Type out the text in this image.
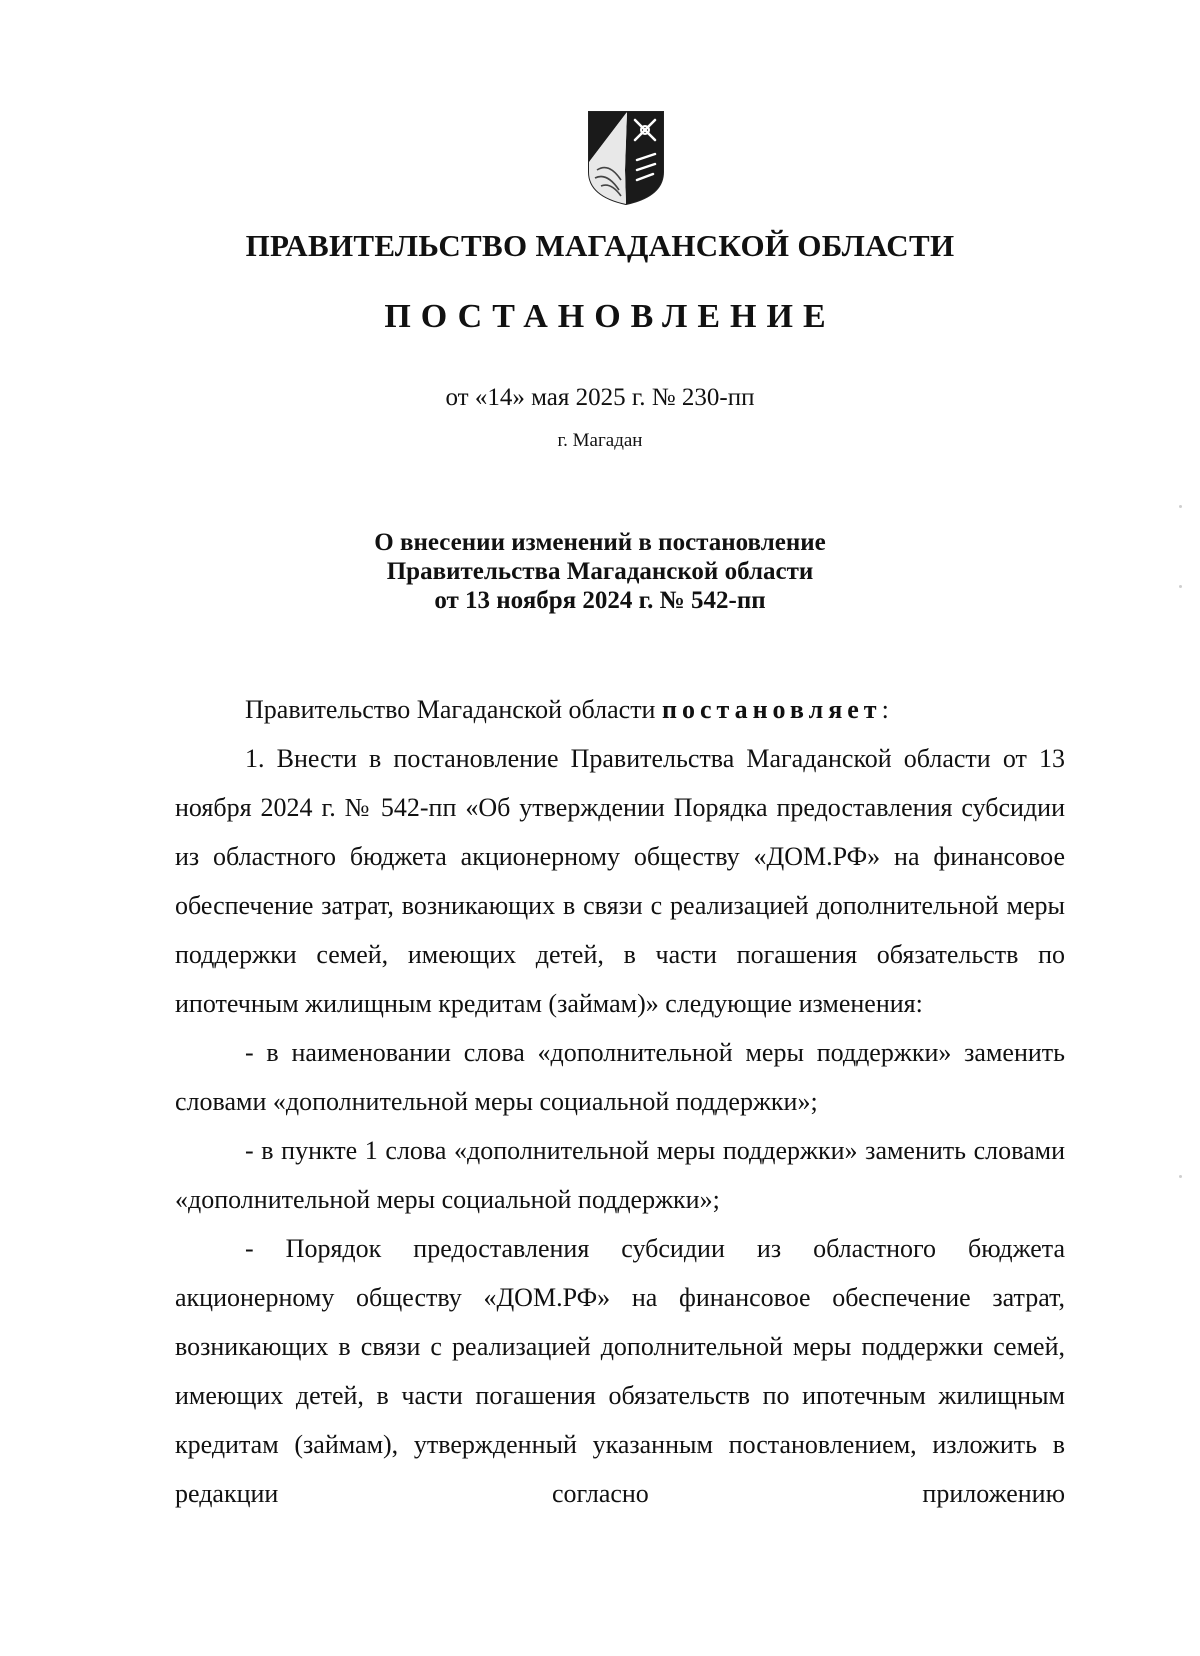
ПРАВИТЕЛЬСТВО МАГАДАНСКОЙ ОБЛАСТИ
ПОСТАНОВЛЕНИЕ
от «14» мая 2025 г. № 230-пп
г. Магадан
О внесении изменений в постановление
Правительства Магаданской области
от 13 ноября 2024 г. № 542-пп

Правительство Магаданской области постановляет:

1. Внести в постановление Правительства Магаданской области от 13 ноября 2024 г. № 542-пп «Об утверждении Порядка предоставления субсидии из областного бюджета акционерному обществу «ДОМ.РФ» на финансовое обеспечение затрат, возникающих в связи с реализацией дополнительной меры поддержки семей, имеющих детей, в части погашения обязательств по ипотечным жилищным кредитам (займам)» следующие изменения:

- в наименовании слова «дополнительной меры поддержки» заменить словами «дополнительной меры социальной поддержки»;

- в пункте 1 слова «дополнительной меры поддержки» заменить словами «дополнительной меры социальной поддержки»;

- Порядок предоставления субсидии из областного бюджета акционерному обществу «ДОМ.РФ» на финансовое обеспечение затрат, возникающих в связи с реализацией дополнительной меры поддержки семей, имеющих детей, в части погашения обязательств по ипотечным жилищным кредитам (займам), утвержденный указанным постановлением, изложить в редакции согласно приложению
